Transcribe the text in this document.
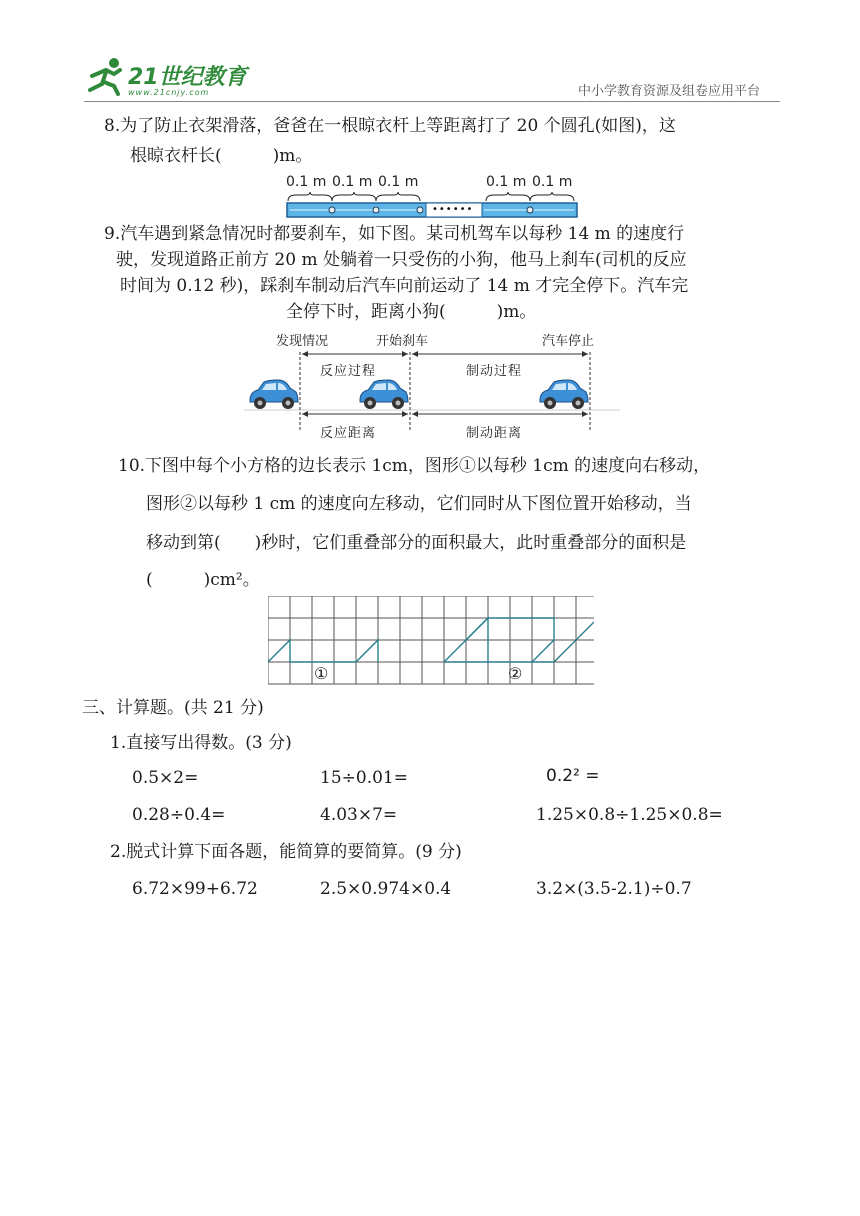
21世纪教育
www.21cnjy.com	中小学教育资源及组卷应用平台
8.为了防止衣架滑落，爸爸在一根晾衣杆上等距离打了 20 个圆孔(如图)，这
根晾衣杆长(　　　)m。
0.1 m 0.1 m 0.1 m	0.1 m 0.1 m
••••••
9.汽车遇到紧急情况时都要刹车，如下图。某司机驾车以每秒 14 m 的速度行
驶，发现道路正前方 20 m 处躺着一只受伤的小狗，他马上刹车(司机的反应
时间为 0.12 秒)，踩刹车制动后汽车向前运动了 14 m 才完全停下。汽车完
全停下时，距离小狗(　　　)m。
发现情况	开始刹车	汽车停止
反应过程	制动过程
反应距离	制动距离
10.下图中每个小方格的边长表示 1cm，图形①以每秒 1cm 的速度向右移动，
图形②以每秒 1 cm 的速度向左移动，它们同时从下图位置开始移动，当
移动到第(　　)秒时，它们重叠部分的面积最大，此时重叠部分的面积是
(　　　)cm²。
①	②
三、计算题。(共 21 分)
1.直接写出得数。(3 分)
0.5×2=	15÷0.01=	0.2² =
0.28÷0.4=	4.03×7=	1.25×0.8÷1.25×0.8=
2.脱式计算下面各题，能简算的要简算。(9 分)
6.72×99+6.72	2.5×0.974×0.4	3.2×(3.5-2.1)÷0.7
